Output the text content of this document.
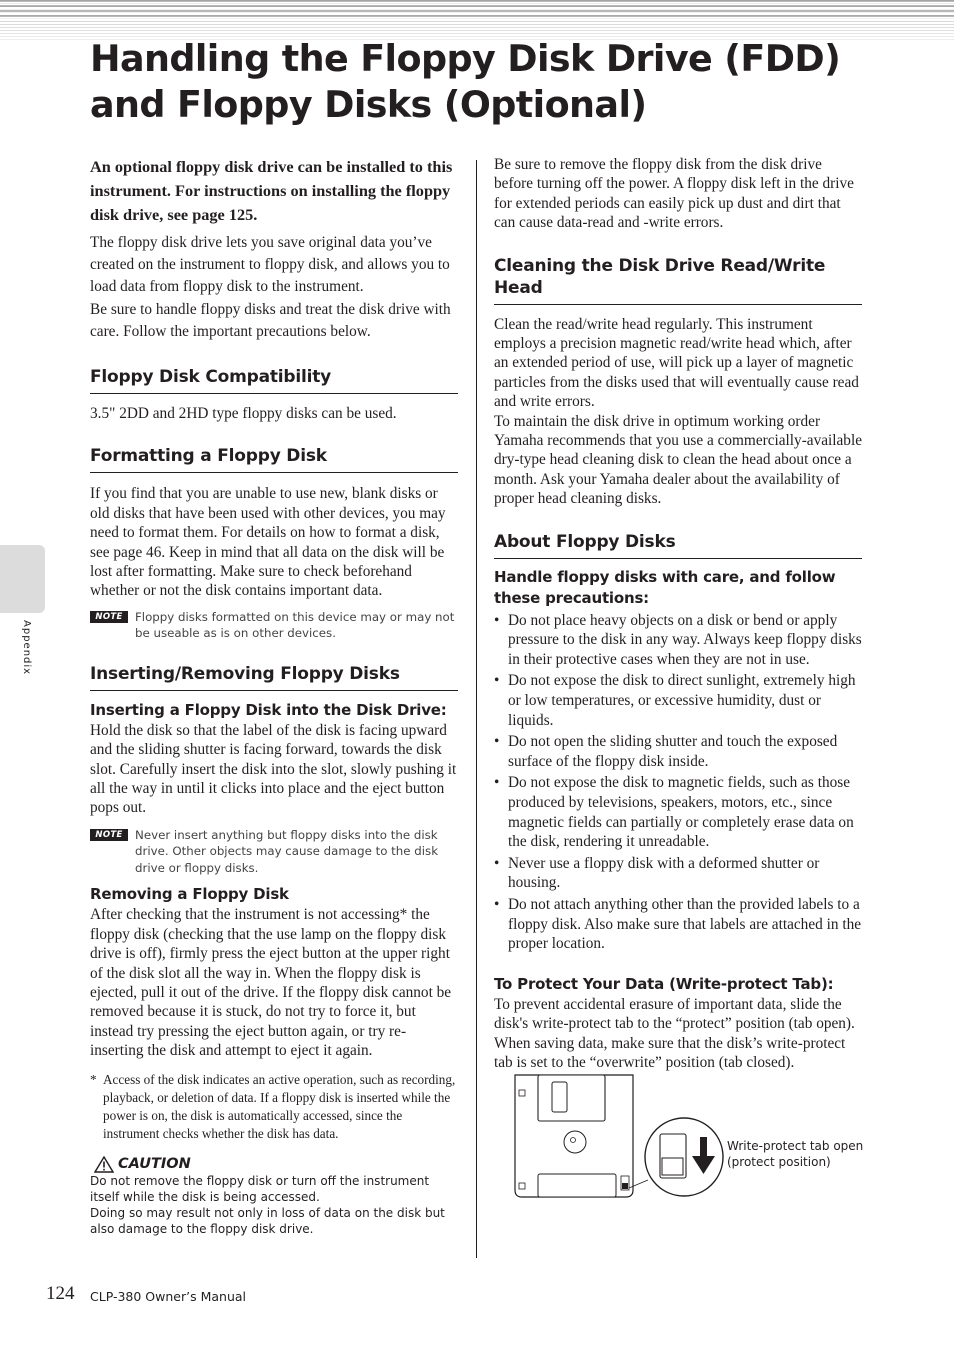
Handling the Floppy Disk Drive (FDD) and Floppy Disks (Optional)
Appendix

An optional floppy disk drive can be installed to this instrument. For instructions on installing the floppy disk drive, see page 125.

The floppy disk drive lets you save original data you’ve created on the instrument to floppy disk, and allows you to load data from floppy disk to the instrument.

Be sure to handle floppy disks and treat the disk drive with care. Follow the important precautions below.

Floppy Disk Compatibility

3.5" 2DD and 2HD type floppy disks can be used.

Formatting a Floppy Disk

If you find that you are unable to use new, blank disks or old disks that have been used with other devices, you may need to format them. For details on how to format a disk, see page 46. Keep in mind that all data on the disk will be lost after formatting. Make sure to check beforehand whether or not the disk contains important data.

NOTE	Floppy disks formatted on this device may or may not be useable as is on other devices.

Inserting/Removing Floppy Disks
Inserting a Floppy Disk into the Disk Drive:

Hold the disk so that the label of the disk is facing upward and the sliding shutter is facing forward, towards the disk slot. Carefully insert the disk into the slot, slowly pushing it all the way in until it clicks into place and the eject button pops out.

NOTE	Never insert anything but floppy disks into the disk drive. Other objects may cause damage to the disk drive or floppy disks.

Removing a Floppy Disk

After checking that the instrument is not accessing* the floppy disk (checking that the use lamp on the floppy disk drive is off), firmly press the eject button at the upper right of the disk slot all the way in. When the floppy disk is ejected, pull it out of the drive. If the floppy disk cannot be removed because it is stuck, do not try to force it, but instead try pressing the eject button again, or try re-inserting the disk and attempt to eject it again.

* Access of the disk indicates an active operation, such as recording, playback, or deletion of data. If a floppy disk is inserted while the power is on, the disk is automatically accessed, since the instrument checks whether the disk has data.
CAUTION

Do not remove the floppy disk or turn off the instrument itself while the disk is being accessed.

Doing so may result not only in loss of data on the disk but also damage to the floppy disk drive.

Be sure to remove the floppy disk from the disk drive before turning off the power. A floppy disk left in the drive for extended periods can easily pick up dust and dirt that can cause data-read and -write errors.

Cleaning the Disk Drive Read/Write Head

Clean the read/write head regularly. This instrument employs a precision magnetic read/write head which, after an extended period of use, will pick up a layer of magnetic particles from the disks used that will eventually cause read and write errors.

To maintain the disk drive in optimum working order Yamaha recommends that you use a commercially-available dry-type head cleaning disk to clean the head about once a month. Ask your Yamaha dealer about the availability of proper head cleaning disks.

About Floppy Disks
Handle floppy disks with care, and follow these precautions:
• Do not place heavy objects on a disk or bend or apply pressure to the disk in any way. Always keep floppy disks in their protective cases when they are not in use.
• Do not expose the disk to direct sunlight, extremely high or low temperatures, or excessive humidity, dust or liquids.
• Do not open the sliding shutter and touch the exposed surface of the floppy disk inside.
• Do not expose the disk to magnetic fields, such as those produced by televisions, speakers, motors, etc., since magnetic fields can partially or completely erase data on the disk, rendering it unreadable.
• Never use a floppy disk with a deformed shutter or housing.
• Do not attach anything other than the provided labels to a floppy disk. Also make sure that labels are attached in the proper location.
To Protect Your Data (Write-protect Tab):

To prevent accidental erasure of important data, slide the disk's write-protect tab to the “protect” position (tab open). When saving data, make sure that the disk’s write-protect tab is set to the “overwrite” position (tab closed).

Write-protect tab open
(protect position)
124 CLP-380 Owner’s Manual
